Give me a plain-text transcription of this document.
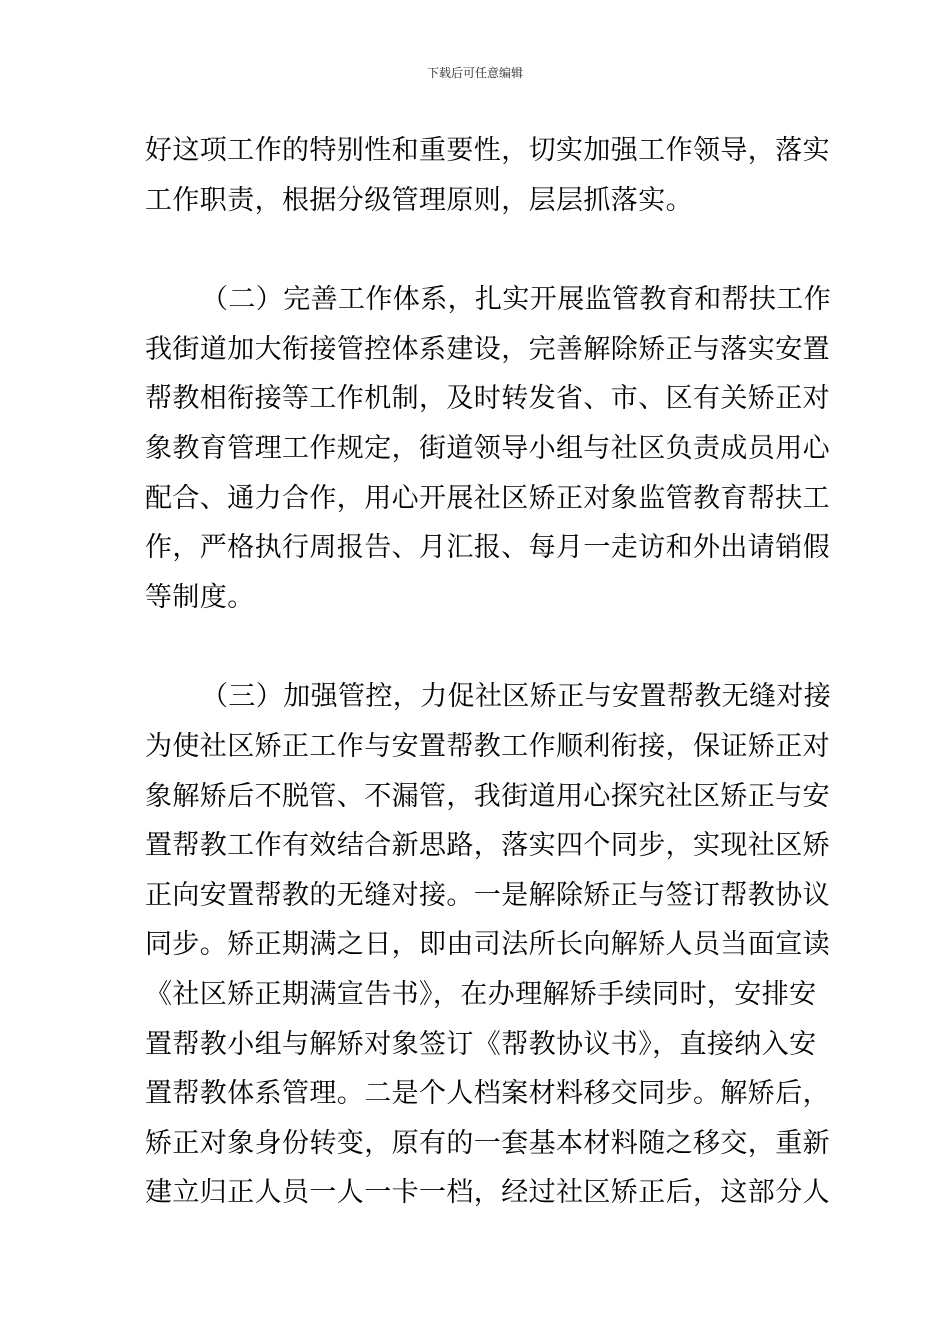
下载后可任意编辑
好这项工作的特别性和重要性，切实加强工作领导，落实
工作职责，根据分级管理原则，层层抓落实。
（二）完善工作体系，扎实开展监管教育和帮扶工作
我街道加大衔接管控体系建设，完善解除矫正与落实安置
帮教相衔接等工作机制，及时转发省、市、区有关矫正对
象教育管理工作规定，街道领导小组与社区负责成员用心
配合、通力合作，用心开展社区矫正对象监管教育帮扶工
作，严格执行周报告、月汇报、每月一走访和外出请销假
等制度。
（三）加强管控，力促社区矫正与安置帮教无缝对接
为使社区矫正工作与安置帮教工作顺利衔接，保证矫正对
象解矫后不脱管、不漏管，我街道用心探究社区矫正与安
置帮教工作有效结合新思路，落实四个同步，实现社区矫
正向安置帮教的无缝对接。一是解除矫正与签订帮教协议
同步。矫正期满之日，即由司法所长向解矫人员当面宣读
《社区矫正期满宣告书》，在办理解矫手续同时，安排安
置帮教小组与解矫对象签订《帮教协议书》，直接纳入安
置帮教体系管理。二是个人档案材料移交同步。解矫后，
矫正对象身份转变，原有的一套基本材料随之移交，重新
建立归正人员一人一卡一档，经过社区矫正后，这部分人
